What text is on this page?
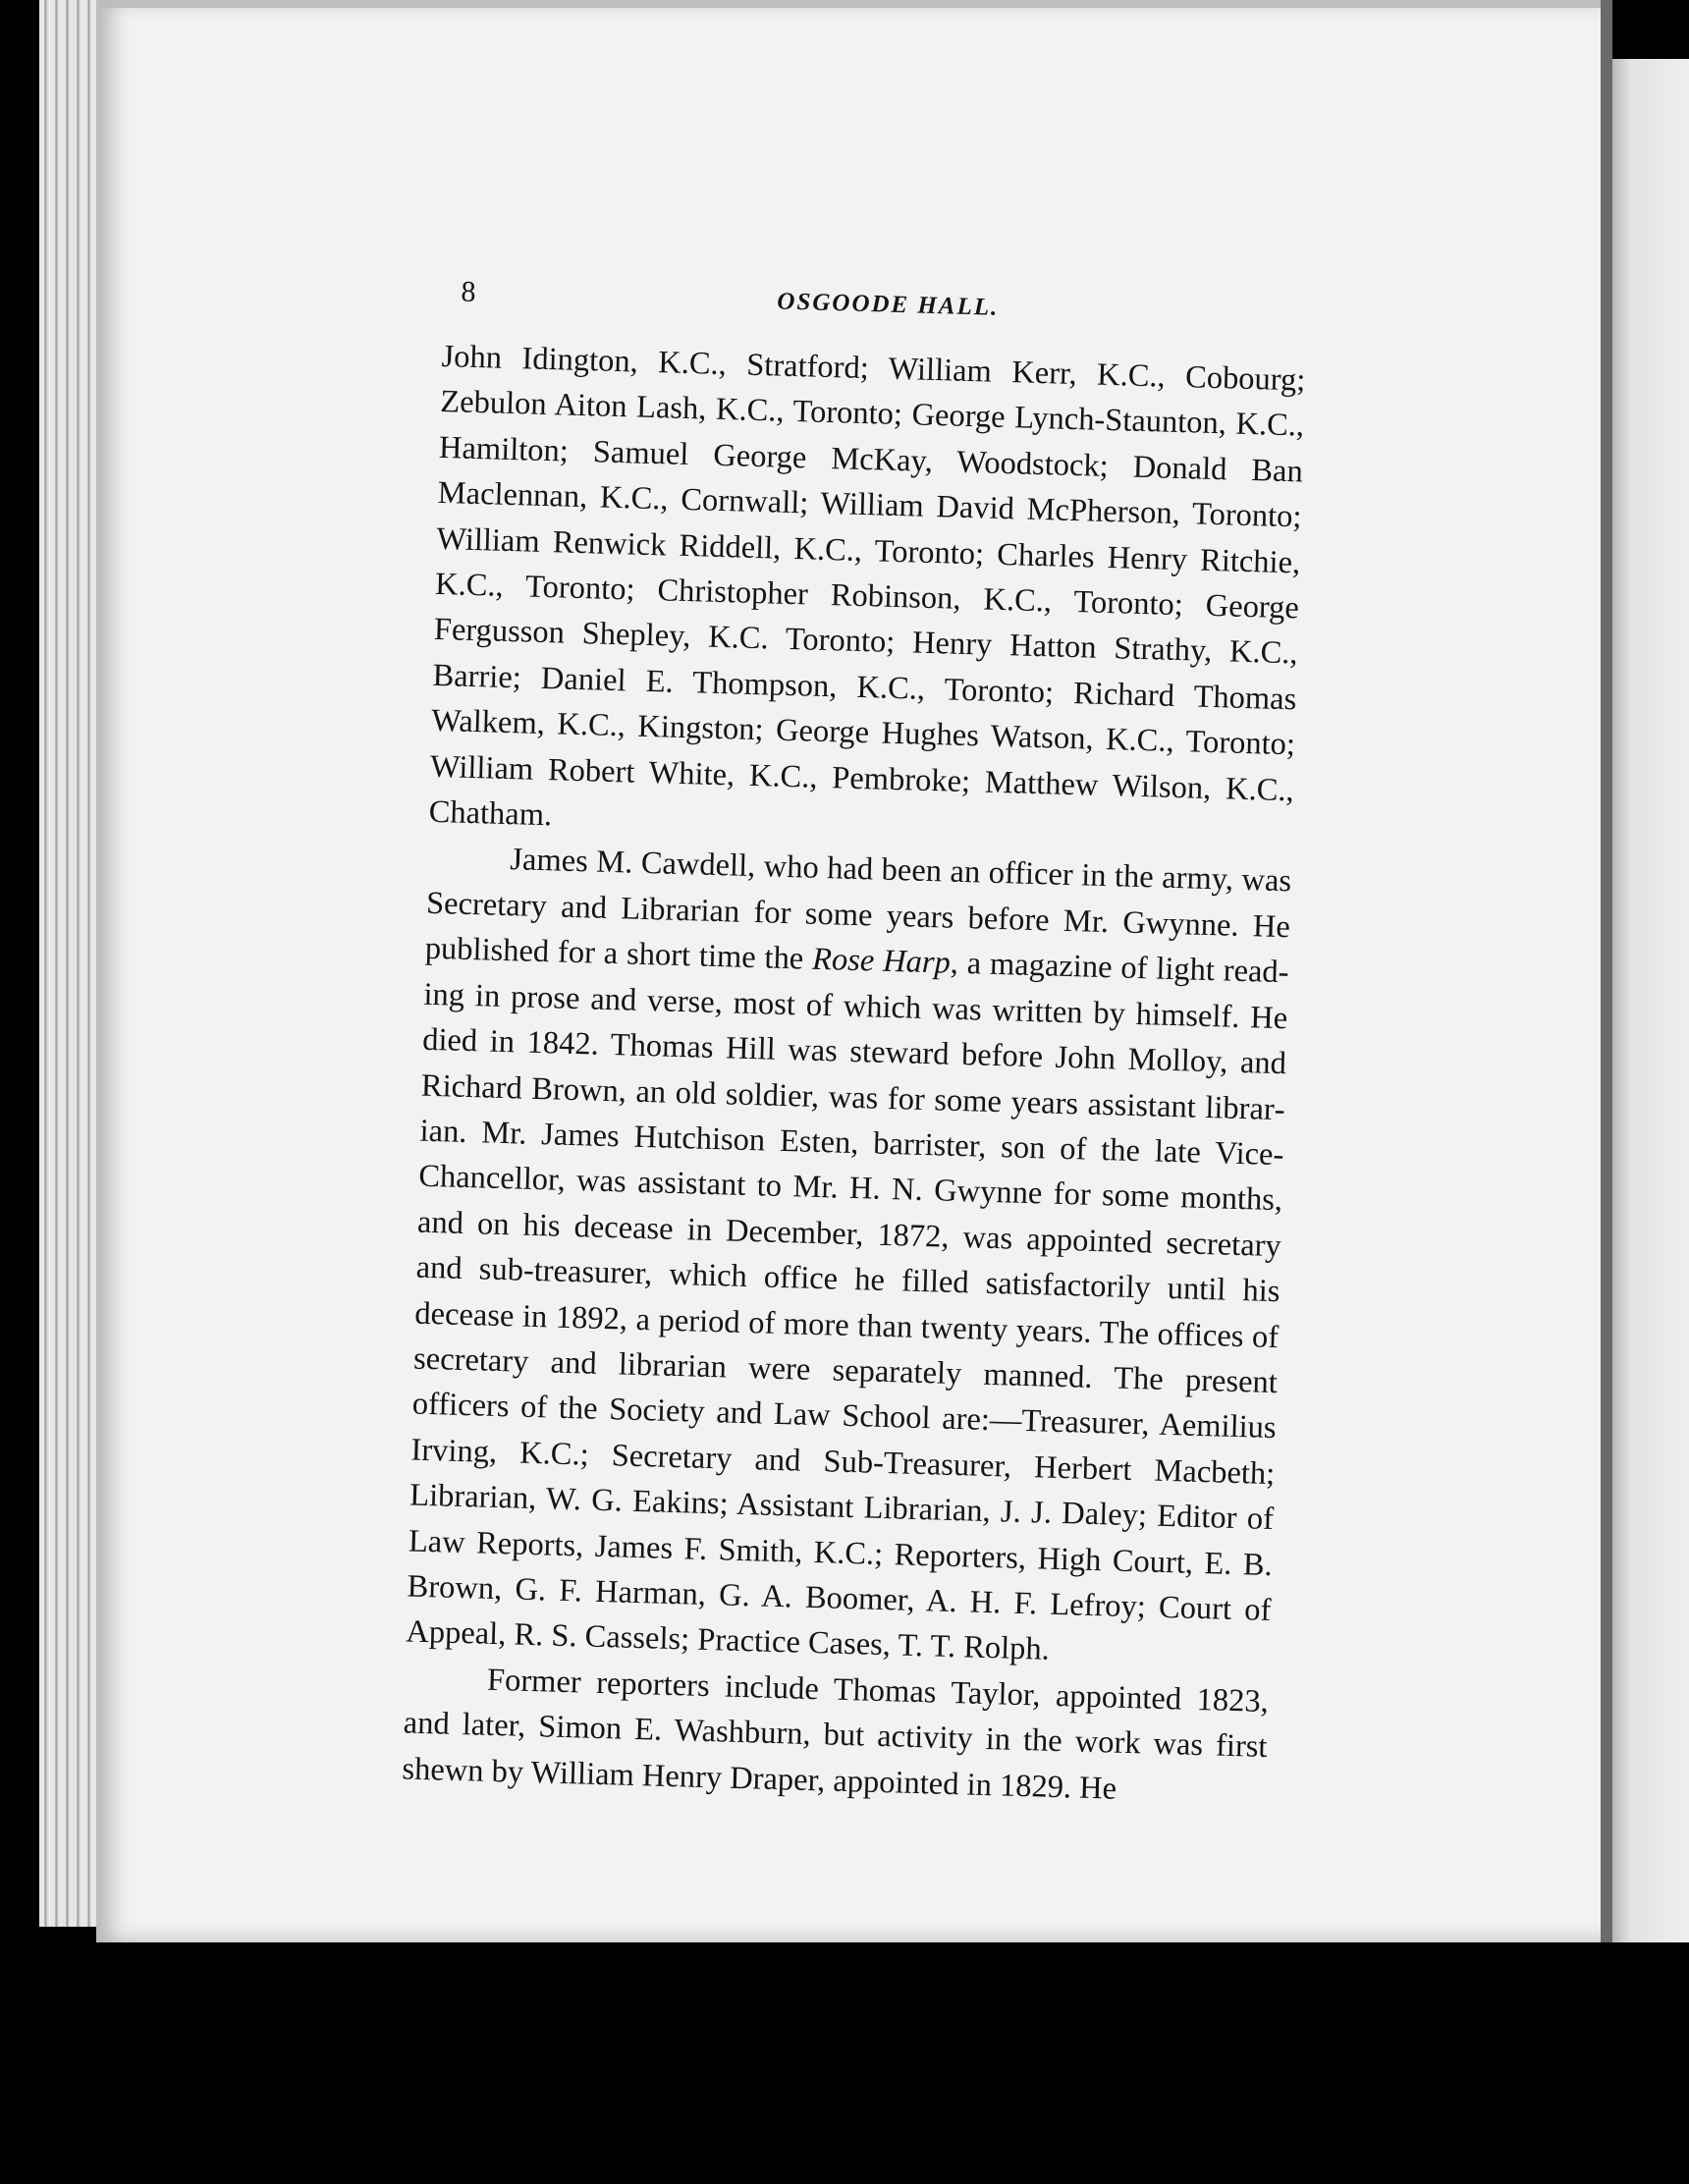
8	OSGOODE HALL.

John Idington, K.C., Stratford; William Kerr, K.C., Cobourg; Zebulon Aiton Lash, K.C., Toronto; George Lynch-Staunton, K.C., Hamilton; Samuel George McKay, Woodstock; Donald Ban Maclennan, K.C., Cornwall; William David McPherson, Toronto; William Renwick Riddell, K.C., Toronto; Charles Henry Ritchie, K.C., Toronto; Christopher Robinson, K.C., Toronto; George Fergusson Shepley, K.C. Toronto; Henry Hatton Strathy, K.C., Barrie; Daniel E. Thompson, K.C., Toronto; Richard Thomas Walkem, K.C., Kingston; George Hughes Watson, K.C., Toronto; William Robert White, K.C., Pembroke; Matthew Wilson, K.C., Chatham.

James M. Cawdell, who had been an officer in the army, was Secretary and Librarian for some years before Mr. Gwynne. He published for a short time the Rose Harp, a magazine of light reading in prose and verse, most of which was written by himself. He died in 1842. Thomas Hill was steward before John Molloy, and Richard Brown, an old soldier, was for some years assistant librarian. Mr. James Hutchison Esten, barrister, son of the late Vice-Chancellor, was assistant to Mr. H. N. Gwynne for some months, and on his decease in December, 1872, was appointed secretary and sub-treasurer, which office he filled satisfactorily until his decease in 1892, a period of more than twenty years. The offices of secretary and librarian were separately manned. The present officers of the Society and Law School are:—Treasurer, Aemilius Irving, K.C.; Secretary and Sub-Treasurer, Herbert Macbeth; Librarian, W. G. Eakins; Assistant Librarian, J. J. Daley; Editor of Law Reports, James F. Smith, K.C.; Reporters, High Court, E. B. Brown, G. F. Harman, G. A. Boomer, A. H. F. Lefroy; Court of Appeal, R. S. Cassels; Practice Cases, T. T. Rolph.

Former reporters include Thomas Taylor, appointed 1823, and later, Simon E. Washburn, but activity in the work was first shewn by William Henry Draper, appointed in 1829. He
